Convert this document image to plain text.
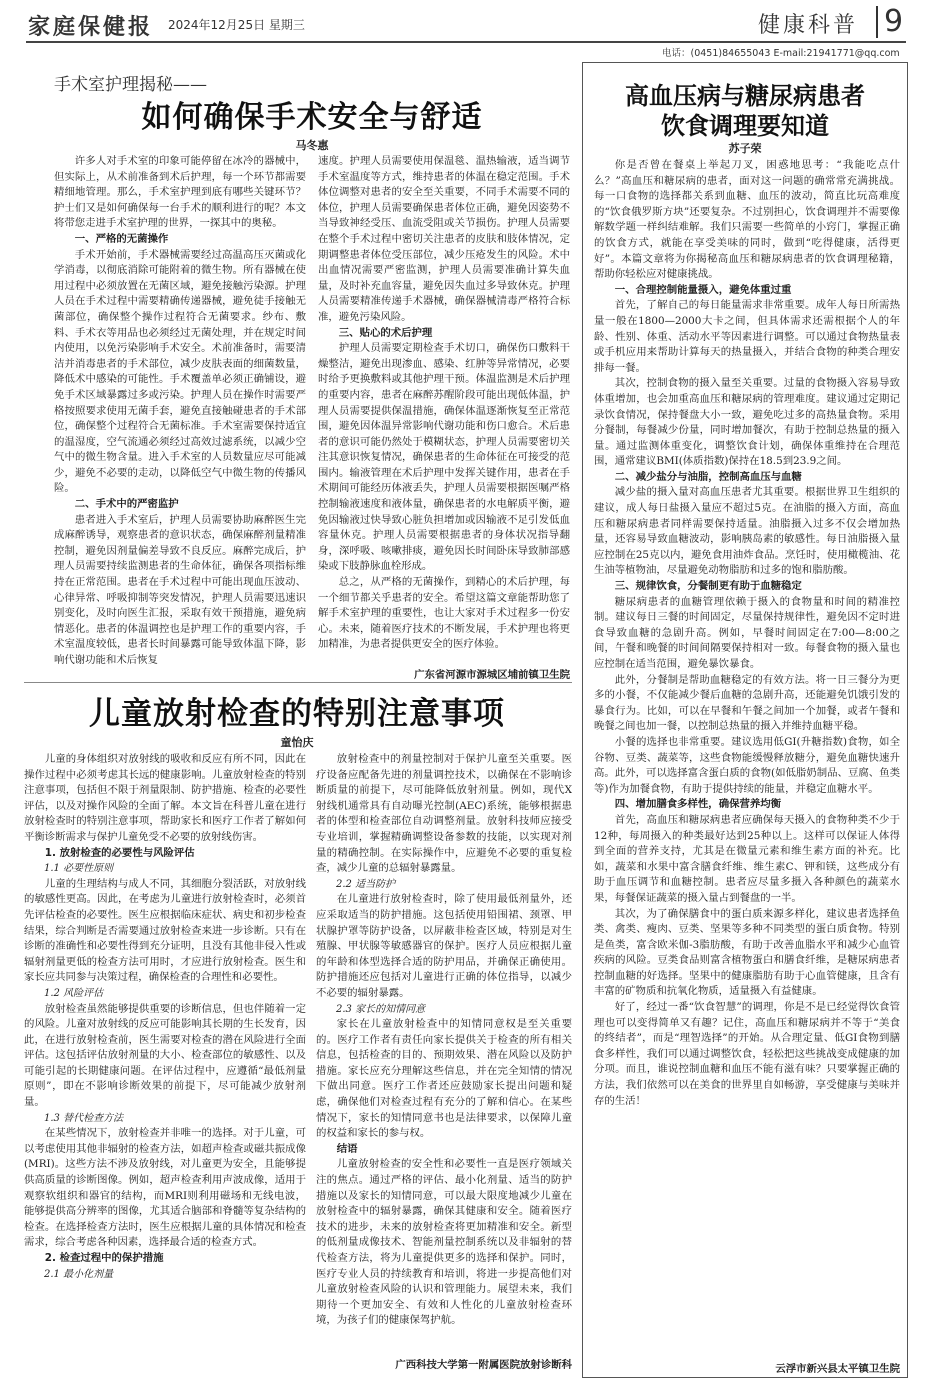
家庭保健报 2024年12月25日 星期三	健康科普 9
电话：(0451)84655043 E-mail:21941771@qq.com
手术室护理揭秘——
如何确保手术安全与舒适
马冬惠

许多人对手术室的印象可能停留在冰冷的器械中，但实际上，从术前准备到术后护理，每一个环节都需要精细地管理。那么，手术室护理到底有哪些关键环节？护士们又是如何确保每一台手术的顺利进行的呢？本文将带您走进手术室护理的世界，一探其中的奥秘。

一、严格的无菌操作

手术开始前，手术器械需要经过高温高压灭菌或化学消毒，以彻底消除可能附着的微生物。所有器械在使用过程中必须放置在无菌区域，避免接触污染源。护理人员在手术过程中需要精确传递器械，避免徒手接触无菌部位，确保整个操作过程符合无菌要求。纱布、敷料、手术衣等用品也必须经过无菌处理，并在规定时间内使用，以免污染影响手术安全。术前准备时，需要清洁并消毒患者的手术部位，减少皮肤表面的细菌数量，降低术中感染的可能性。手术覆盖单必须正确铺设，避免手术区域暴露过多或污染。护理人员在操作时需要严格按照要求使用无菌手套，避免直接触碰患者的手术部位，确保整个过程符合无菌标准。手术室需要保持适宜的温湿度，空气流通必须经过高效过滤系统，以减少空气中的微生物含量。进入手术室的人员数量应尽可能减少，避免不必要的走动，以降低空气中微生物的传播风险。

二、手术中的严密监护

患者进入手术室后，护理人员需要协助麻醉医生完成麻醉诱导，观察患者的意识状态，确保麻醉剂量精准控制，避免因剂量偏差导致不良反应。麻醉完成后，护理人员需要持续监测患者的生命体征，确保各项指标维持在正常范围。患者在手术过程中可能出现血压波动、心律异常、呼吸抑制等突发情况，护理人员需要迅速识别变化，及时向医生汇报，采取有效干预措施，避免病情恶化。患者的体温调控也是护理工作的重要内容，手术室温度较低，患者长时间暴露可能导致体温下降，影响代谢功能和术后恢复

速度。护理人员需要使用保温毯、温热输液，适当调节手术室温度等方式，维持患者的体温在稳定范围。手术体位调整对患者的安全至关重要，不同手术需要不同的体位，护理人员需要确保患者体位正确，避免因姿势不当导致神经受压、血流受阻或关节损伤。护理人员需要在整个手术过程中密切关注患者的皮肤和肢体情况，定期调整患者体位受压部位，减少压疮发生的风险。术中出血情况需要严密监测，护理人员需要准确计算失血量，及时补充血容量，避免因失血过多导致休克。护理人员需要精准传递手术器械，确保器械清毒严格符合标准，避免污染风险。

三、贴心的术后护理

护理人员需要定期检查手术切口，确保伤口敷料干燥整洁，避免出现渗血、感染、红肿等异常情况，必要时给予更换敷料或其他护理干预。体温监测是术后护理的重要内容，患者在麻醉苏醒阶段可能出现低体温，护理人员需要提供保温措施，确保体温逐渐恢复至正常范围，避免因体温异常影响代谢功能和伤口愈合。术后患者的意识可能仍然处于模糊状态，护理人员需要密切关注其意识恢复情况，确保患者的生命体征在可接受的范围内。输液管理在术后护理中发挥关键作用，患者在手术期间可能经历体液丢失，护理人员需要根据医嘱严格控制输液速度和液体量，确保患者的水电解质平衡，避免因输液过快导致心脏负担增加或因输液不足引发低血容量休克。护理人员需要根据患者的身体状况指导翻身，深呼吸、咳嗽排痰，避免因长时间卧床导致肺部感染或下肢静脉血栓形成。

总之，从严格的无菌操作，到精心的术后护理，每一个细节都关乎患者的安全。希望这篇文章能帮助您了解手术室护理的重要性，也让大家对手术过程多一份安心。未来，随着医疗技术的不断发展，手术护理也将更加精准，为患者提供更安全的医疗体验。

广东省河源市源城区埔前镇卫生院
儿童放射检查的特别注意事项
童怡庆

儿童的身体组织对放射线的吸收和反应有所不同，因此在操作过程中必须考虑其长远的健康影响。儿童放射检查的特别注意事项，包括但不限于剂量限制、防护措施、检查的必要性评估，以及对操作风险的全面了解。本文旨在科普儿童在进行放射检查时的特别注意事项，帮助家长和医疗工作者了解如何平衡诊断需求与保护儿童免受不必要的放射线伤害。

1. 放射检查的必要性与风险评估

1.1 必要性原则

儿童的生理结构与成人不同，其细胞分裂活跃，对放射线的敏感性更高。因此，在考虑为儿童进行放射检查时，必须首先评估检查的必要性。医生应根据临床症状、病史和初步检查结果，综合判断是否需要通过放射检查来进一步诊断。只有在诊断的准确性和必要性得到充分证明，且没有其他非侵入性或辐射剂量更低的检查方法可用时，才应进行放射检查。医生和家长应共同参与决策过程，确保检查的合理性和必要性。

1.2 风险评估

放射检查虽然能够提供重要的诊断信息，但也伴随着一定的风险。儿童对放射线的反应可能影响其长期的生长发育，因此，在进行放射检查前，医生需要对检查的潜在风险进行全面评估。这包括评估放射剂量的大小、检查部位的敏感性、以及可能引起的长期健康问题。在评估过程中，应遵循“最低剂量原则”，即在不影响诊断效果的前提下，尽可能减少放射剂量。

1.3 替代检查方法

在某些情况下，放射检查并非唯一的选择。对于儿童，可以考虑使用其他非辐射的检查方法，如超声检查或磁共振成像(MRI)。这些方法不涉及放射线，对儿童更为安全，且能够提供高质量的诊断图像。例如，超声检查利用声波成像，适用于观察软组织和器官的结构，而MRI则利用磁场和无线电波，能够提供高分辨率的图像，尤其适合脑部和脊髓等复杂结构的检查。在选择检查方法时，医生应根据儿童的具体情况和检查需求，综合考虑各种因素，选择最合适的检查方式。

2. 检查过程中的保护措施

2.1 最小化剂量

放射检查中的剂量控制对于保护儿童至关重要。医疗设备应配备先进的剂量调控技术，以确保在不影响诊断质量的前提下，尽可能降低放射剂量。例如，现代X射线机通常具有自动曝光控制(AEC)系统，能够根据患者的体型和检查部位自动调整剂量。放射科技师应接受专业培训，掌握精确调整设备参数的技能，以实现对剂量的精确控制。在实际操作中，应避免不必要的重复检查，减少儿童的总辐射暴露量。

2.2 适当防护

在儿童进行放射检查时，除了使用最低剂量外，还应采取适当的防护措施。这包括使用铅围裙、颈罩、甲状腺护罩等防护设备，以屏蔽非检查区域，特别是对生殖腺、甲状腺等敏感器官的保护。医疗人员应根据儿童的年龄和体型选择合适的防护用品，并确保正确使用。防护措施还应包括对儿童进行正确的体位指导，以减少不必要的辐射暴露。

2.3 家长的知情同意

家长在儿童放射检查中的知情同意权是至关重要的。医疗工作者有责任向家长提供关于检查的所有相关信息，包括检查的目的、预期效果、潜在风险以及防护措施。家长应充分理解这些信息，并在完全知情的情况下做出同意。医疗工作者还应鼓励家长提出问题和疑虑，确保他们对检查过程有充分的了解和信心。在某些情况下，家长的知情同意书也是法律要求，以保障儿童的权益和家长的参与权。

结语

儿童放射检查的安全性和必要性一直是医疗领域关注的焦点。通过严格的评估、最小化剂量、适当的防护措施以及家长的知情同意，可以最大限度地减少儿童在放射检查中的辐射暴露，确保其健康和安全。随着医疗技术的进步，未来的放射检查将更加精准和安全。新型的低剂量成像技术、智能剂量控制系统以及非辐射的替代检查方法，将为儿童提供更多的选择和保护。同时，医疗专业人员的持续教育和培训，将进一步提高他们对儿童放射检查风险的认识和管理能力。展望未来，我们期待一个更加安全、有效和人性化的儿童放射检查环境，为孩子们的健康保驾护航。

广西科技大学第一附属医院放射诊断科
高血压病与糖尿病患者
饮食调理要知道
苏子荣

你是否曾在餐桌上举起刀叉，困惑地思考：“我能吃点什么？”高血压和糖尿病的患者，面对这一问题的确常常充满挑战。每一口食物的选择都关系到血糖、血压的波动，简直比玩高难度的“饮食俄罗斯方块”还要复杂。不过别担心，饮食调理并不需要像解数学题一样纠结难解。我们只需要一些简单的小窍门，掌握正确的饮食方式，就能在享受美味的同时，做到“吃得健康，活得更好”。本篇文章将为你揭秘高血压和糖尿病患者的饮食调理秘籍，帮助你轻松应对健康挑战。

一、合理控制能量摄入，避免体重过重

首先，了解自己的每日能量需求非常重要。成年人每日所需热量一般在1800—2000大卡之间，但具体需求还需根据个人的年龄、性别、体重、活动水平等因素进行调整。可以通过食物热量表或手机应用来帮助计算每天的热量摄入，并结合食物的种类合理安排每一餐。

其次，控制食物的摄入量至关重要。过量的食物摄入容易导致体重增加，也会加重高血压和糖尿病的管理难度。建议通过定期记录饮食情况，保持餐盘大小一致，避免吃过多的高热量食物。采用分餐制，每餐减少份量，同时增加餐次，有助于控制总热量的摄入量。通过监测体重变化，调整饮食计划，确保体重维持在合理范围，通常建议BMI(体质指数)保持在18.5到23.9之间。

二、减少盐分与油脂，控制高血压与血糖

减少盐的摄入量对高血压患者尤其重要。根据世界卫生组织的建议，成人每日盐摄入量应不超过5克。在油脂的摄入方面，高血压和糖尿病患者同样需要保持适量。油脂摄入过多不仅会增加热量，还容易导致血糖波动，影响胰岛素的敏感性。每日油脂摄入量应控制在25克以内，避免食用油炸食品。烹饪时，使用橄榄油、花生油等植物油，尽量避免动物脂肪和过多的饱和脂肪酸。

三、规律饮食，分餐制更有助于血糖稳定

糖尿病患者的血糖管理依赖于摄入的食物量和时间的精准控制。建议每日三餐的时间固定，尽量保持规律性，避免因不定时进食导致血糖的急剧升高。例如，早餐时间固定在7:00—8:00之间，午餐和晚餐的时间间隔要保持相对一致。每餐食物的摄入量也应控制在适当范围，避免暴饮暴食。

此外，分餐制是帮助血糖稳定的有效方法。将一日三餐分为更多的小餐，不仅能减少餐后血糖的急剧升高，还能避免饥饿引发的暴食行为。比如，可以在早餐和午餐之间加一个加餐，或者午餐和晚餐之间也加一餐，以控制总热量的摄入并维持血糖平稳。

小餐的选择也非常重要。建议选用低GI(升糖指数)食物，如全谷物、豆类、蔬菜等，这些食物能缓慢释放糖分，避免血糖快速升高。此外，可以选择富含蛋白质的食物(如低脂奶制品、豆腐、鱼类等)作为加餐食物，有助于提供持续的能量，并稳定血糖水平。

四、增加膳食多样性，确保营养均衡

首先，高血压和糖尿病患者应确保每天摄入的食物种类不少于12种，每周摄入的种类最好达到25种以上。这样可以保证人体得到全面的营养支持，尤其是在微量元素和维生素方面的补充。比如，蔬菜和水果中富含膳食纤维、维生素C、钾和镁，这些成分有助于血压调节和血糖控制。患者应尽量多摄入各种颜色的蔬菜水果，每餐保证蔬菜的摄入量占到餐盘的一半。

其次，为了确保膳食中的蛋白质来源多样化，建议患者选择鱼类、禽类、瘦肉、豆类、坚果等多种不同类型的蛋白质食物。特别是鱼类，富含欧米伽-3脂肪酸，有助于改善血脂水平和减少心血管疾病的风险。豆类食品则富含植物蛋白和膳食纤维，是糖尿病患者控制血糖的好选择。坚果中的健康脂肪有助于心血管健康，且含有丰富的矿物质和抗氧化物质，适量摄入有益健康。

好了，经过一番“饮食智慧”的调理，你是不是已经觉得饮食管理也可以变得简单又有趣？记住，高血压和糖尿病并不等于“美食的终结者”，而是“理智选择”的开始。从合理定量、低GI食物到膳食多样性，我们可以通过调整饮食，轻松把这些挑战变成健康的加分项。而且，谁说控制血糖和血压不能有滋有味？只要掌握正确的方法，我们依然可以在美食的世界里自如畅游，享受健康与美味并存的生活！

云浮市新兴县太平镇卫生院
